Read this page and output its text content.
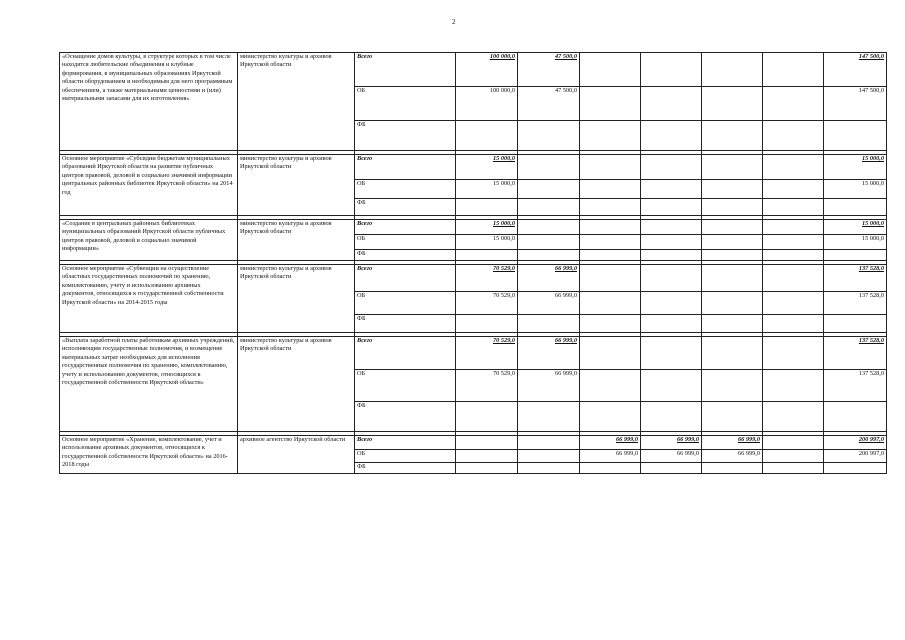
2
«Оснащение домов культуры, в структуре которых в том числе находятся любительские объединения и клубные формирования, в муниципальных образованиях Иркутской области оборудованием и необходимым для него программным обеспечением, а также материальными ценностями и (или) материальными запасами для их изготовления»	министерство культуры и архивов Иркутской области	Всего	100 000,0	47 500,0					147 500,0
		ОБ	100 000,0	47 500,0					147 500,0
		ФБ							

Основное мероприятие «Субсидии бюджетам муниципальных образований Иркутской области на развитие публичных центров правовой, деловой и социально значимой информации центральных районных библиотек Иркутской области» на 2014 год	министерство культуры и архивов Иркутской области	Всего	15 000,0						15 000,0
		ОБ	15 000,0						15 000,0
		ФБ							

«Создание в центральных районных библиотеках муниципальных образований Иркутской области публичных центров правовой, деловой и социально значимой информации»	министерство культуры и архивов Иркутской области	Всего	15 000,0						15 000,0
		ОБ	15 000,0						15 000,0
		ФБ							

Основное мероприятие «Субвенции на осуществление областных государственных полномочий по хранению, комплектованию, учету и использованию архивных документов, относящихся к государственной собственности Иркутской области» на 2014-2015 годы	министерство культуры и архивов Иркутской области	Всего	70 529,0	66 999,0					137 528,0
		ОБ	70 529,0	66 999,0					137 528,0
		ФБ							

«Выплата заработной платы работникам архивных учреждений, исполняющим государственные полномочия, и возмещение материальных затрат необходимых для исполнения государственные полномочия по хранению, комплектованию, учету и использованию документов, относящихся к государственной собственности Иркутской области»	министерство культуры и архивов Иркутской области	Всего	70 529,0	66 999,0					137 528,0
		ОБ	70 529,0	66 999,0					137 528,0
		ФБ							

Основное мероприятие «Хранение, комплектование, учет и использование архивных документов, относящихся к государственной собственности Иркутской области» на 2016-2018 годы	архивное агентство Иркутской области	Всего			66 999,0	66 999,0	66 999,0		200 997,0
		ОБ			66 999,0	66 999,0	66 999,0		200 997,0
		ФБ							
